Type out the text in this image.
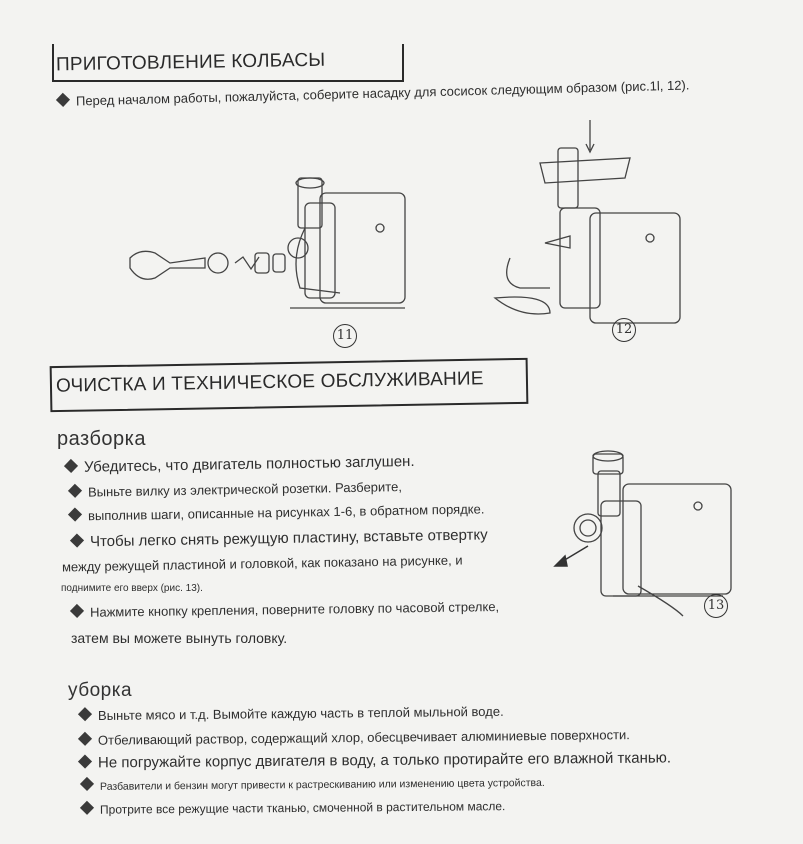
ПРИГОТОВЛЕНИЕ КОЛБАСЫ
Перед началом работы, пожалуйста, соберите насадку для сосисок следующим образом (рис.1l, 12).
11	12
ОЧИСТКА И ТЕХНИЧЕСКОЕ ОБСЛУЖИВАНИЕ
разборка
Убедитесь, что двигатель полностью заглушен.
Выньте вилку из электрической розетки. Разберите,
выполнив шаги, описанные на рисунках 1-6, в обратном порядке.
Чтобы легко снять режущую пластину, вставьте отвертку
между режущей пластиной и головкой, как показано на рисунке, и
поднимите его вверх (рис. 13).
Нажмите кнопку крепления, поверните головку по часовой стрелке,
затем вы можете вынуть головку.
13
уборка
Выньте мясо и т.д. Вымойте каждую часть в теплой мыльной воде.
Отбеливающий раствор, содержащий хлор, обесцвечивает алюминиевые поверхности.
Не погружайте корпус двигателя в воду, а только протирайте его влажной тканью.
Разбавители и бензин могут привести к растрескиванию или изменению цвета устройства.
Протрите все режущие части тканью, смоченной в растительном масле.
